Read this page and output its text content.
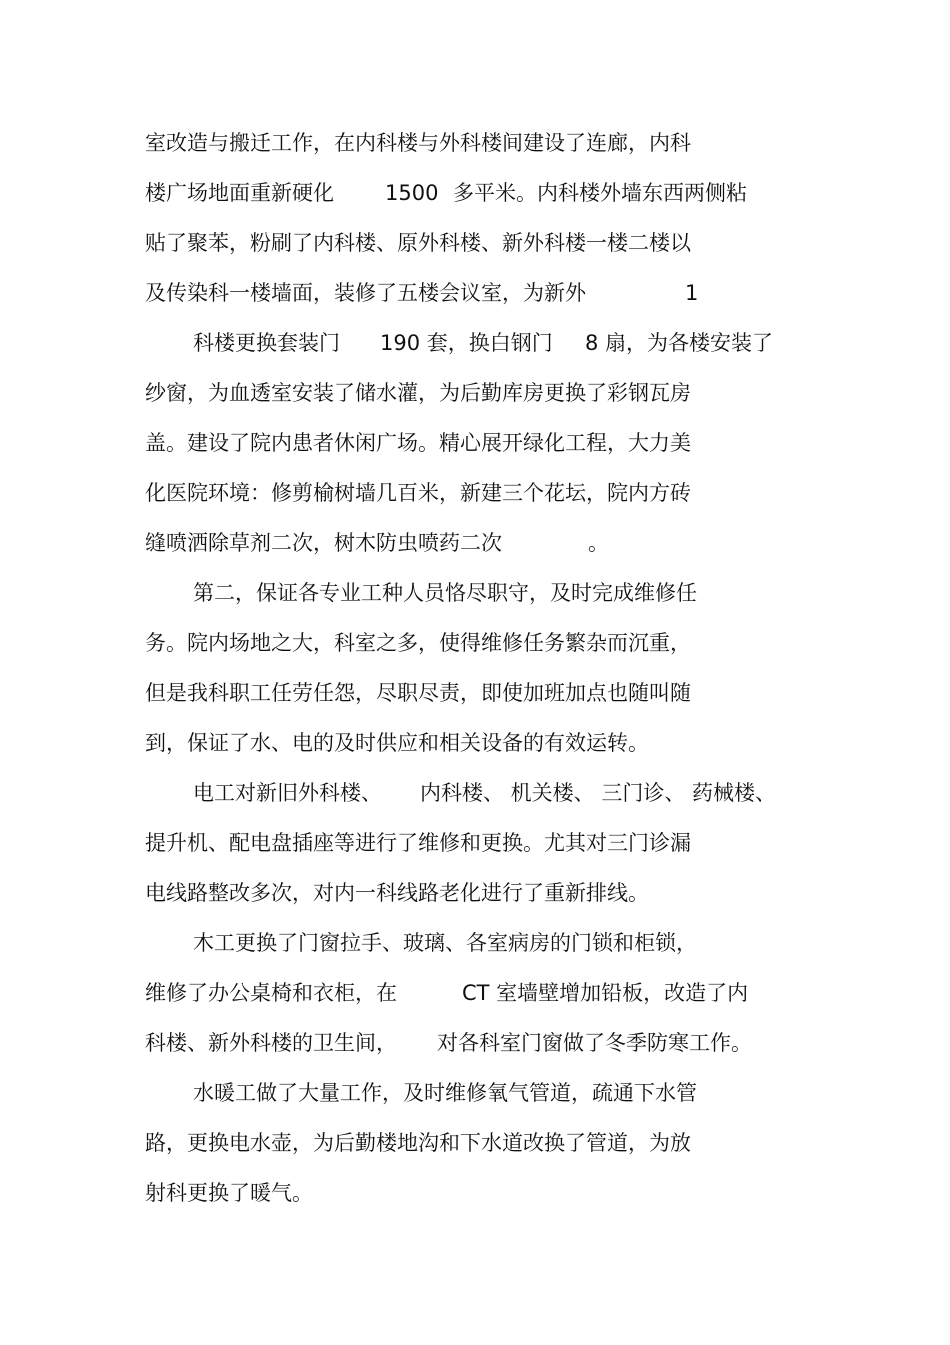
室改造与搬迁工作，在内科楼与外科楼间建设了连廊，内科
楼广场地面重新硬化 1500 多平米。内科楼外墙东西两侧粘
贴了聚苯，粉刷了内科楼、原外科楼、新外科楼一楼二楼以
及传染科一楼墙面，装修了五楼会议室，为新外	1
科楼更换套装门 190 套，换白钢门 8 扇，为各楼安装了
纱窗，为血透室安装了储水灌，为后勤库房更换了彩钢瓦房
盖。建设了院内患者休闲广场。精心展开绿化工程，大力美
化医院环境：修剪榆树墙几百米，新建三个花坛，院内方砖
缝喷洒除草剂二次，树木防虫喷药二次	。
第二，保证各专业工种人员恪尽职守，及时完成维修任
务。院内场地之大，科室之多，使得维修任务繁杂而沉重，
但是我科职工任劳任怨，尽职尽责，即使加班加点也随叫随
到，保证了水、电的及时供应和相关设备的有效运转。
电工对新旧外科楼、 内科楼、 机关楼、 三门诊、 药械楼、
提升机、配电盘插座等进行了维修和更换。尤其对三门诊漏
电线路整改多次，对内一科线路老化进行了重新排线。
木工更换了门窗拉手、玻璃、各室病房的门锁和柜锁，
维修了办公桌椅和衣柜，在	CT 室墙壁增加铅板，改造了内
科楼、新外科楼的卫生间， 对各科室门窗做了冬季防寒工作。
水暖工做了大量工作，及时维修氧气管道，疏通下水管
路，更换电水壶，为后勤楼地沟和下水道改换了管道，为放
射科更换了暖气。
